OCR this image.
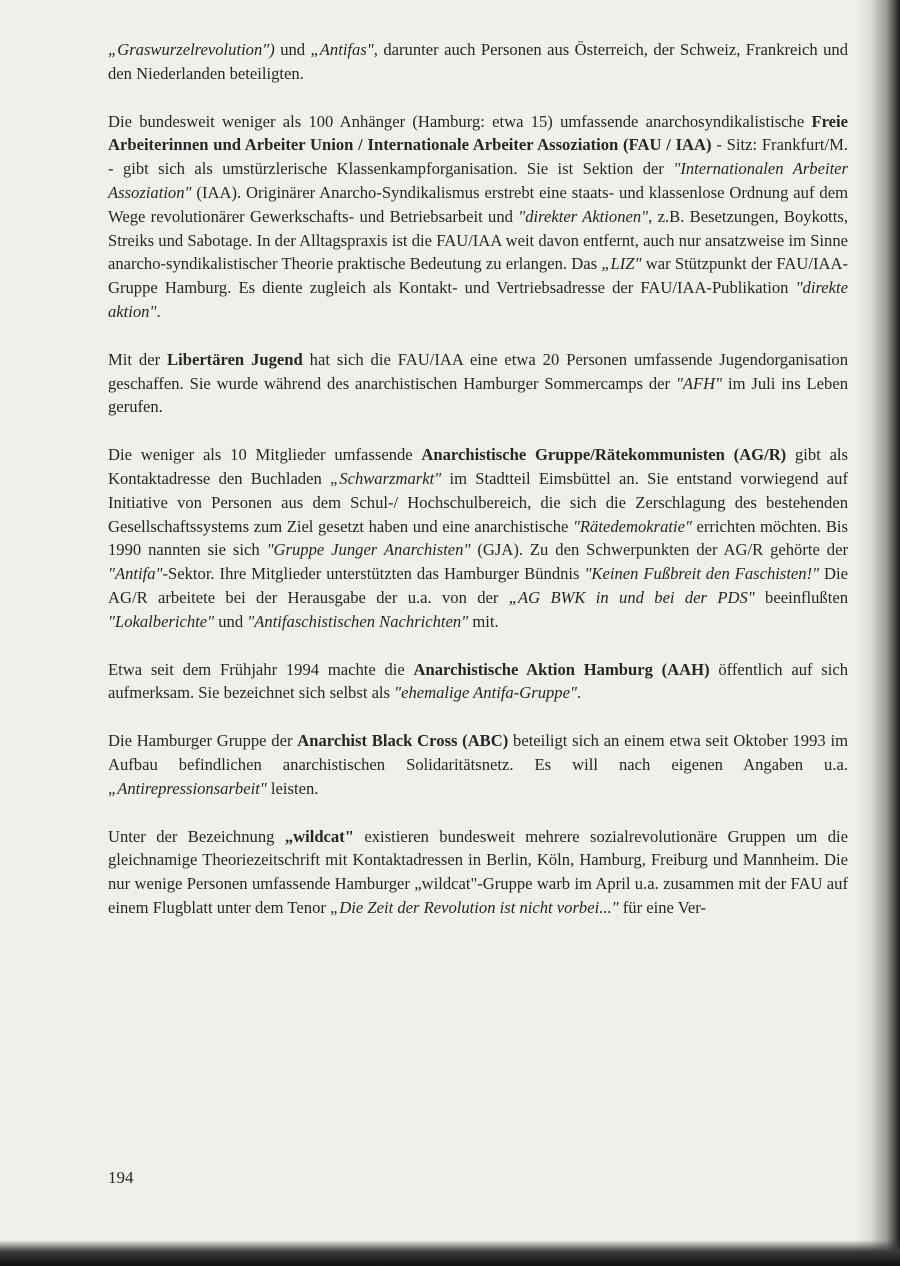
„Graswurzelrevolution") und „Antifas", darunter auch Personen aus Österreich, der Schweiz, Frankreich und den Niederlanden beteiligten.

Die bundesweit weniger als 100 Anhänger (Hamburg: etwa 15) umfassende anarchosyndikalistische Freie Arbeiterinnen und Arbeiter Union / Internationale Arbeiter Assoziation (FAU / IAA) - Sitz: Frankfurt/M. - gibt sich als umstürzlerische Klassenkampforganisation. Sie ist Sektion der "Internationalen Arbeiter Assoziation" (IAA). Originärer Anarcho-Syndikalismus erstrebt eine staats- und klassenlose Ordnung auf dem Wege revolutionärer Gewerkschafts- und Betriebsarbeit und "direkter Aktionen", z.B. Besetzungen, Boykotts, Streiks und Sabotage. In der Alltagspraxis ist die FAU/IAA weit davon entfernt, auch nur ansatzweise im Sinne anarcho-syndikalistischer Theorie praktische Bedeutung zu erlangen. Das „LIZ" war Stützpunkt der FAU/IAA-Gruppe Hamburg. Es diente zugleich als Kontakt- und Vertriebsadresse der FAU/IAA-Publikation "direkte aktion".

Mit der Libertären Jugend hat sich die FAU/IAA eine etwa 20 Personen umfassende Jugendorganisation geschaffen. Sie wurde während des anarchistischen Hamburger Sommercamps der "AFH" im Juli ins Leben gerufen.

Die weniger als 10 Mitglieder umfassende Anarchistische Gruppe/Rätekommunisten (AG/R) gibt als Kontaktadresse den Buchladen „Schwarzmarkt" im Stadtteil Eimsbüttel an. Sie entstand vorwiegend auf Initiative von Personen aus dem Schul-/ Hochschulbereich, die sich die Zerschlagung des bestehenden Gesellschaftssystems zum Ziel gesetzt haben und eine anarchistische "Rätedemokratie" errichten möchten. Bis 1990 nannten sie sich "Gruppe Junger Anarchisten" (GJA). Zu den Schwerpunkten der AG/R gehörte der "Antifa"-Sektor. Ihre Mitglieder unterstützten das Hamburger Bündnis "Keinen Fußbreit den Faschisten!" Die AG/R arbeitete bei der Herausgabe der u.a. von der „AG BWK in und bei der PDS" beeinflußten "Lokalberichte" und "Antifaschistischen Nachrichten" mit.

Etwa seit dem Frühjahr 1994 machte die Anarchistische Aktion Hamburg (AAH) öffentlich auf sich aufmerksam. Sie bezeichnet sich selbst als "ehemalige Antifa-Gruppe".

Die Hamburger Gruppe der Anarchist Black Cross (ABC) beteiligt sich an einem etwa seit Oktober 1993 im Aufbau befindlichen anarchistischen Solidaritätsnetz. Es will nach eigenen Angaben u.a. „Antirepressionsarbeit" leisten.

Unter der Bezeichnung „wildcat" existieren bundesweit mehrere sozialrevolutionäre Gruppen um die gleichnamige Theoriezeitschrift mit Kontaktadressen in Berlin, Köln, Hamburg, Freiburg und Mannheim. Die nur wenige Personen umfassende Hamburger „wildcat"-Gruppe warb im April u.a. zusammen mit der FAU auf einem Flugblatt unter dem Tenor „Die Zeit der Revolution ist nicht vorbei..." für eine Ver-

194
